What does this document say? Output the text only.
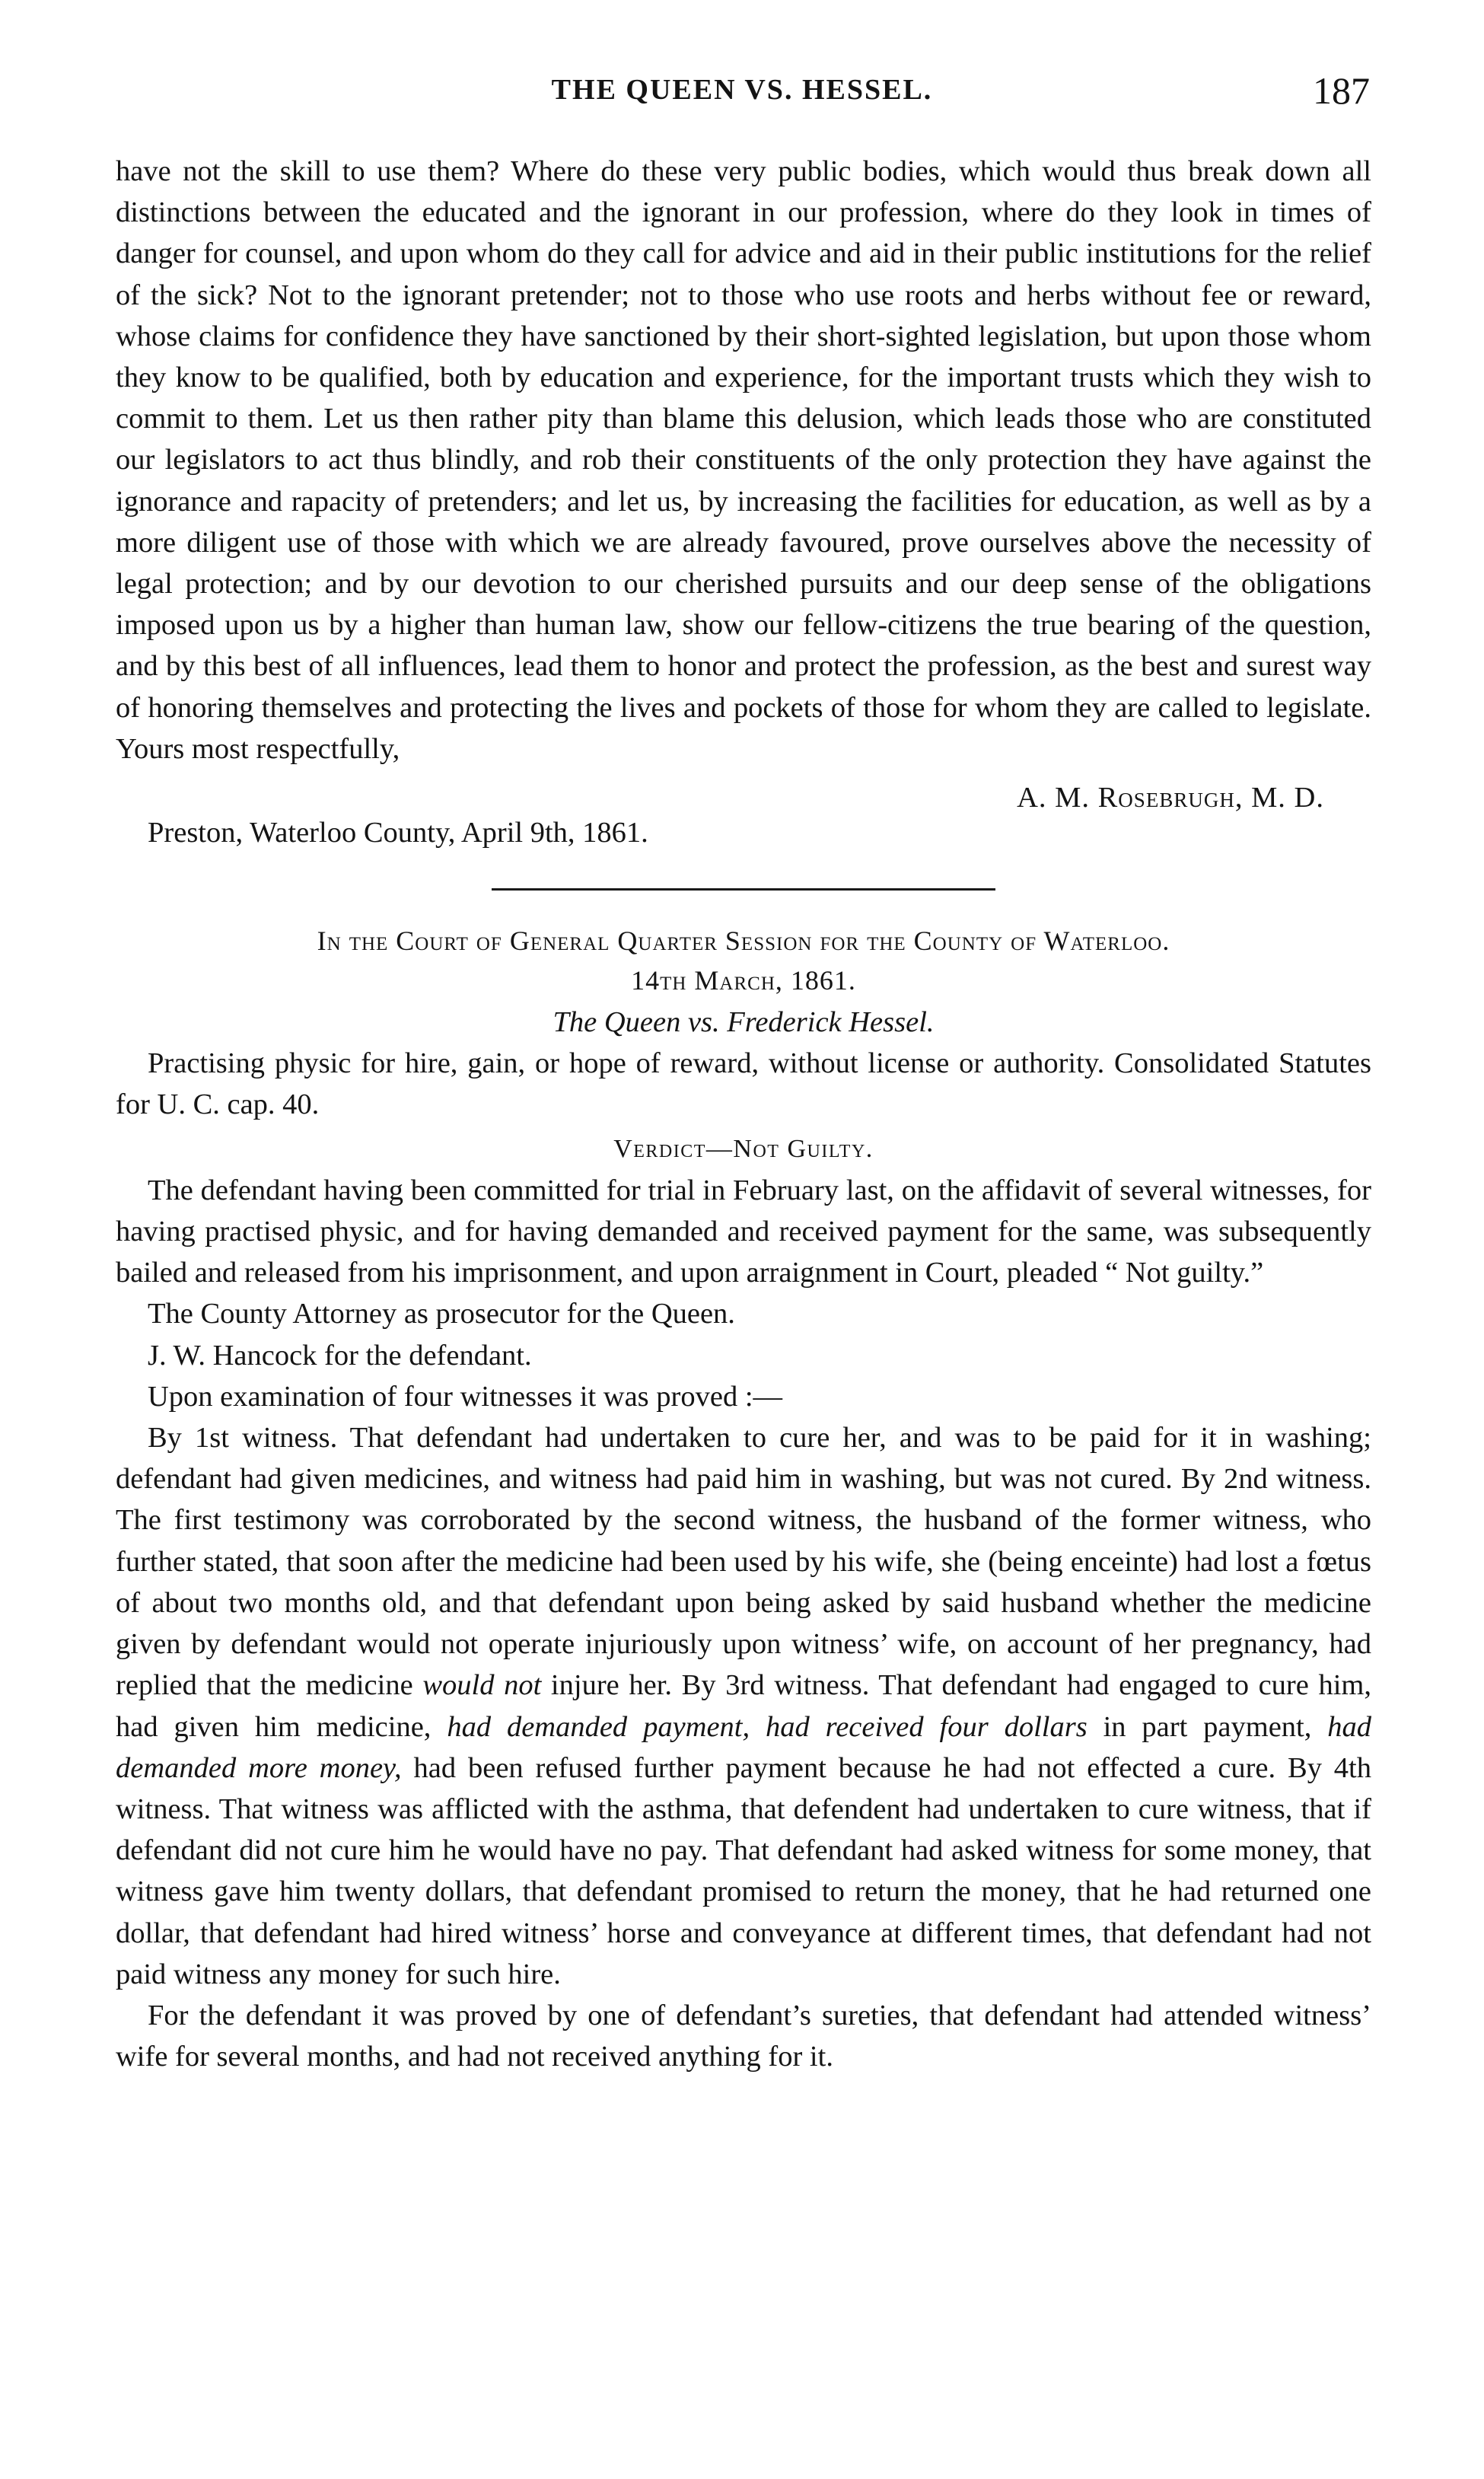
THE QUEEN VS. HESSEL.	187

have not the skill to use them? Where do these very public bodies, which would thus break down all distinctions between the educated and the ignorant in our profession, where do they look in times of danger for counsel, and upon whom do they call for advice and aid in their public institutions for the relief of the sick? Not to the ignorant pretender; not to those who use roots and herbs without fee or reward, whose claims for confidence they have sanctioned by their short-sighted legislation, but upon those whom they know to be qualified, both by education and experience, for the important trusts which they wish to commit to them. Let us then rather pity than blame this delusion, which leads those who are constituted our legislators to act thus blindly, and rob their constituents of the only protection they have against the ignorance and rapacity of pretenders; and let us, by increasing the facilities for education, as well as by a more diligent use of those with which we are already favoured, prove ourselves above the necessity of legal protection; and by our devotion to our cherished pursuits and our deep sense of the obligations imposed upon us by a higher than human law, show our fellow-citizens the true bearing of the question, and by this best of all influences, lead them to honor and protect the profession, as the best and surest way of honoring themselves and protecting the lives and pockets of those for whom they are called to legislate. Yours most respectfully,

A. M. Rosebrugh, M. D.
Preston, Waterloo County, April 9th, 1861.
In the Court of General Quarter Session for the County of Waterloo.
14th March, 1861.
The Queen vs. Frederick Hessel.

Practising physic for hire, gain, or hope of reward, without license or authority. Consolidated Statutes for U. C. cap. 40.

Verdict—Not Guilty.

The defendant having been committed for trial in February last, on the affidavit of several witnesses, for having practised physic, and for having demanded and received payment for the same, was subsequently bailed and released from his imprisonment, and upon arraignment in Court, pleaded “ Not guilty.”

The County Attorney as prosecutor for the Queen.

J. W. Hancock for the defendant.

Upon examination of four witnesses it was proved :—

By 1st witness. That defendant had undertaken to cure her, and was to be paid for it in washing; defendant had given medicines, and witness had paid him in washing, but was not cured. By 2nd witness. The first testimony was corroborated by the second witness, the husband of the former witness, who further stated, that soon after the medicine had been used by his wife, she (being enceinte) had lost a fœtus of about two months old, and that defendant upon being asked by said husband whether the medicine given by defendant would not operate injuriously upon witness’ wife, on account of her pregnancy, had replied that the medicine would not injure her. By 3rd witness. That defendant had engaged to cure him, had given him medicine, had demanded payment, had received four dollars in part payment, had demanded more money, had been refused further payment because he had not effected a cure. By 4th witness. That witness was afflicted with the asthma, that defendent had undertaken to cure witness, that if defendant did not cure him he would have no pay. That defendant had asked witness for some money, that witness gave him twenty dollars, that defendant promised to return the money, that he had returned one dollar, that defendant had hired witness’ horse and conveyance at different times, that defendant had not paid witness any money for such hire.

For the defendant it was proved by one of defendant’s sureties, that defendant had attended witness’ wife for several months, and had not received anything for it.
